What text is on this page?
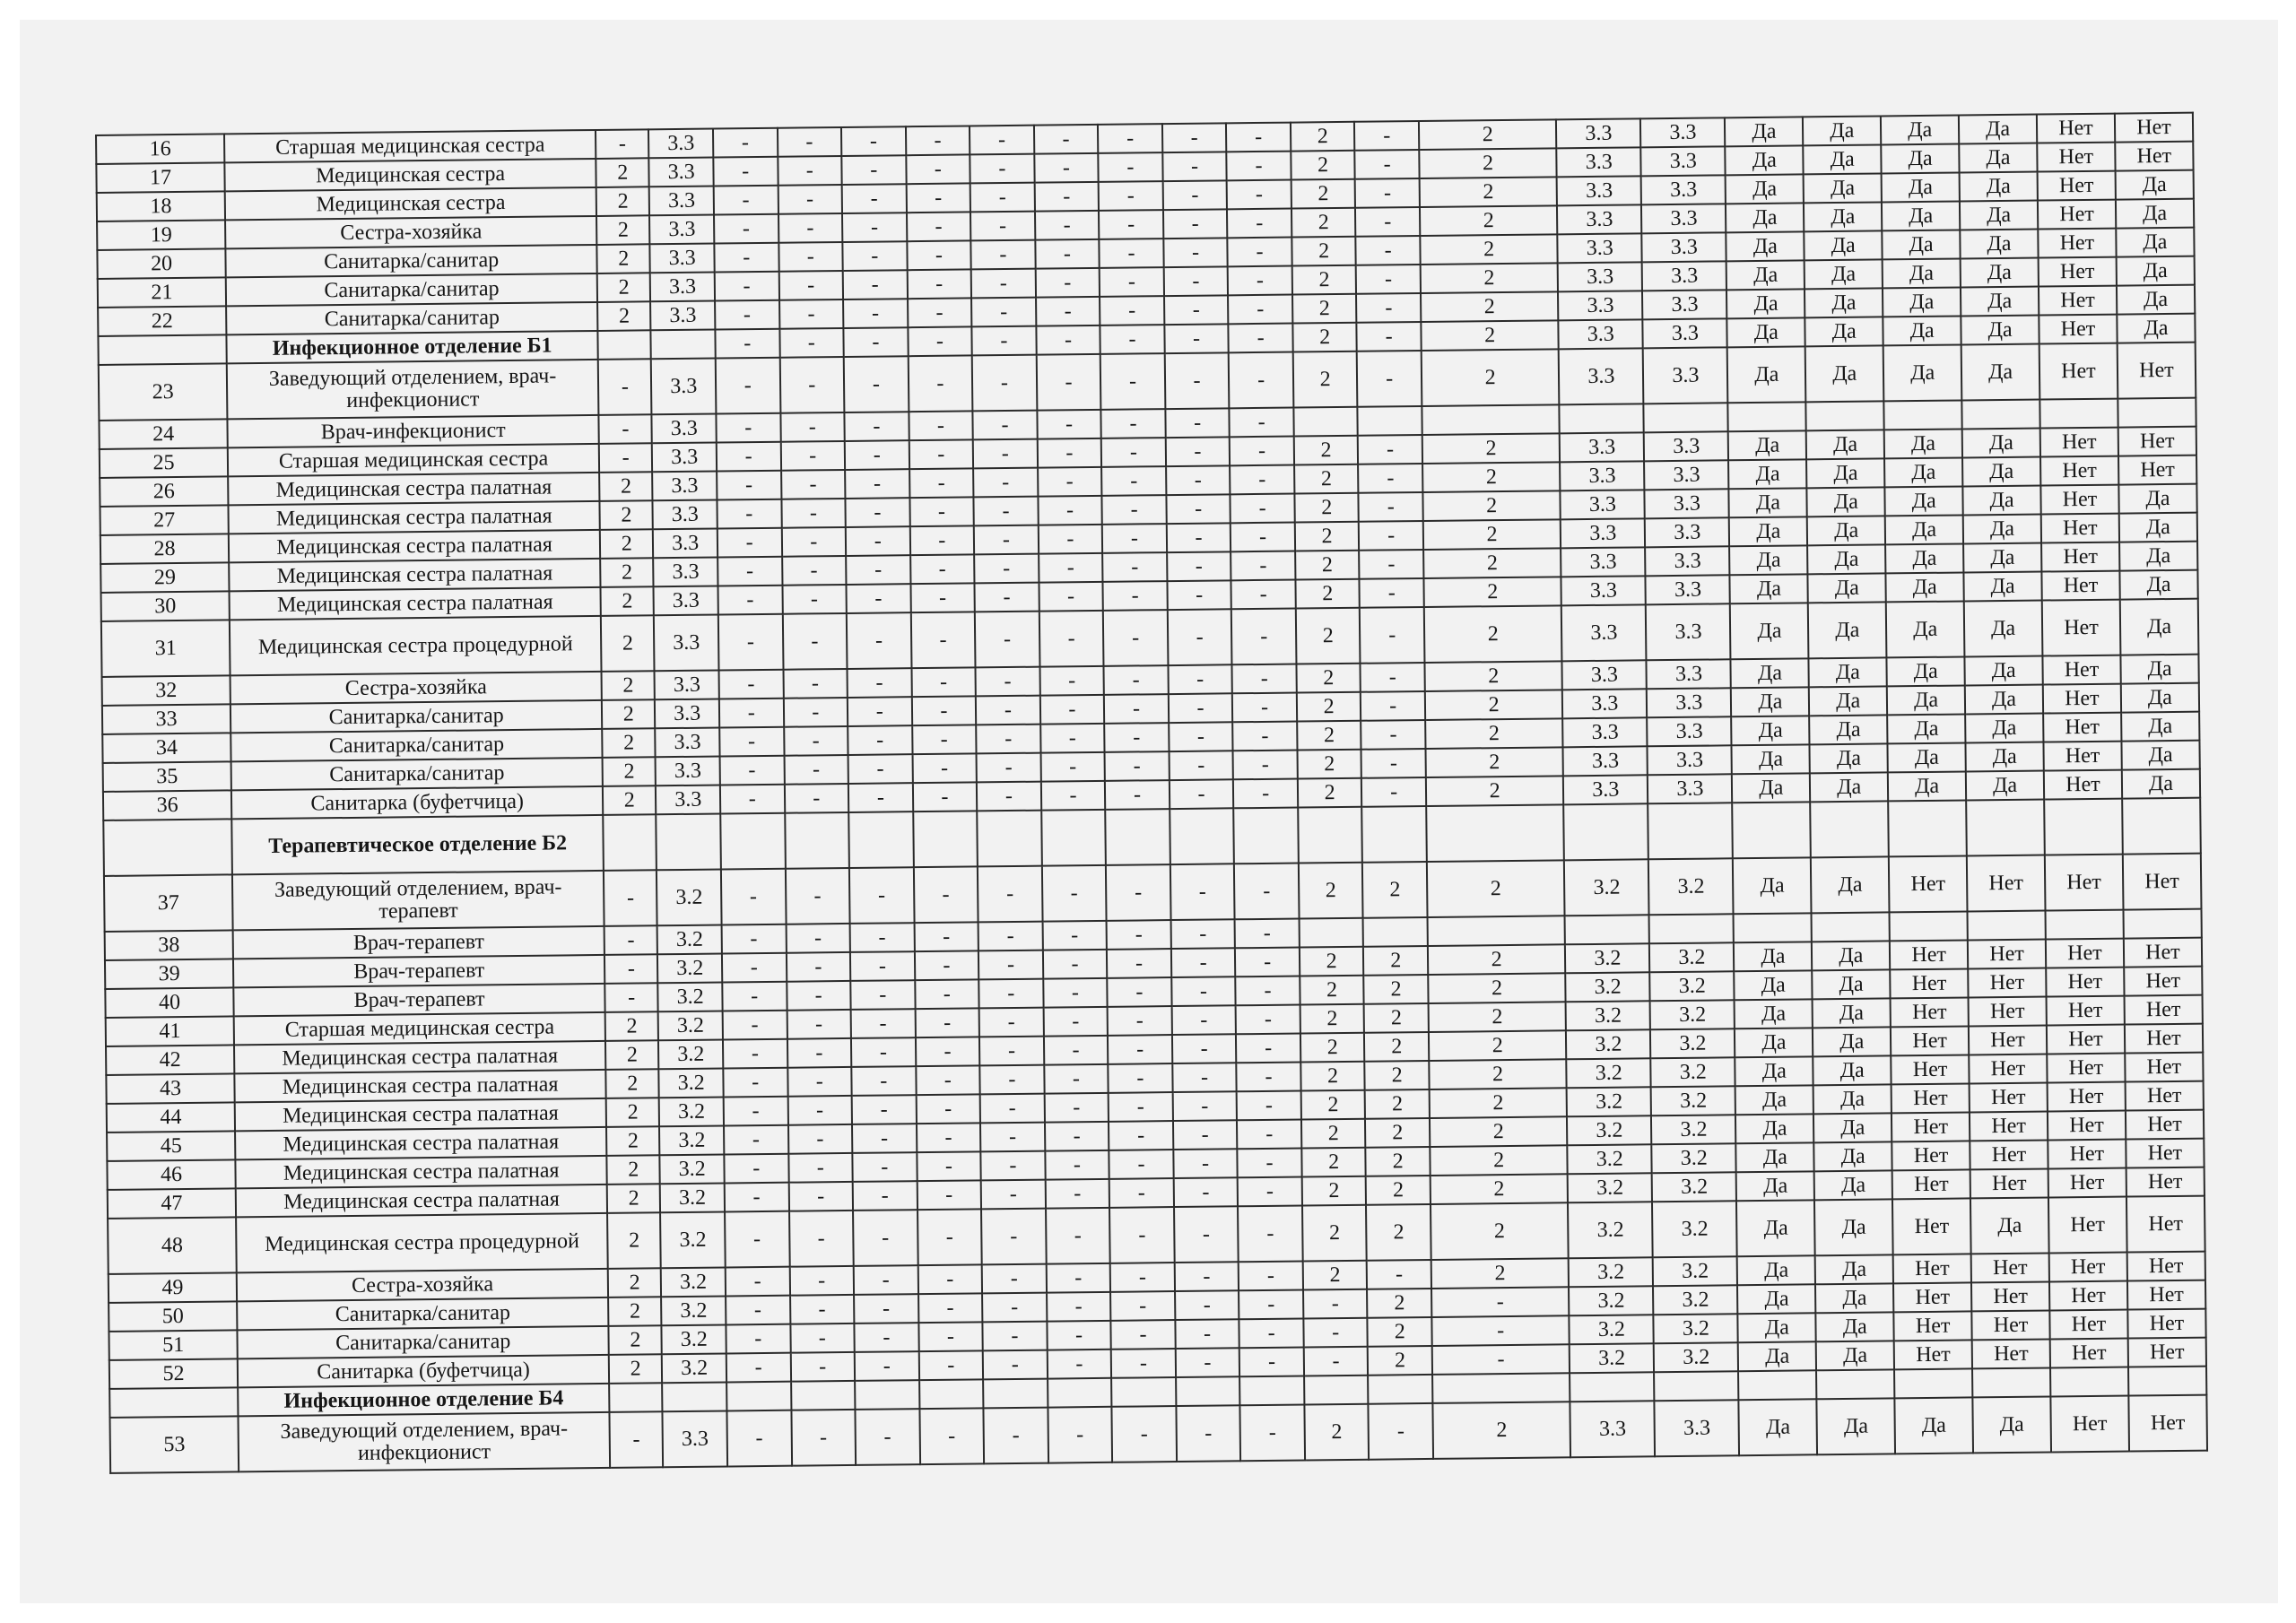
16	Старшая медицинская сестра	-	3.3	-	-	-	-	-	-	-	-	-	2	-	2	3.3	3.3	Да	Да	Да	Да	Нет	Нет
17	Медицинская сестра	2	3.3	-	-	-	-	-	-	-	-	-	2	-	2	3.3	3.3	Да	Да	Да	Да	Нет	Нет
18	Медицинская сестра	2	3.3	-	-	-	-	-	-	-	-	-	2	-	2	3.3	3.3	Да	Да	Да	Да	Нет	Да
19	Сестра-хозяйка	2	3.3	-	-	-	-	-	-	-	-	-	2	-	2	3.3	3.3	Да	Да	Да	Да	Нет	Да
20	Санитарка/санитар	2	3.3	-	-	-	-	-	-	-	-	-	2	-	2	3.3	3.3	Да	Да	Да	Да	Нет	Да
21	Санитарка/санитар	2	3.3	-	-	-	-	-	-	-	-	-	2	-	2	3.3	3.3	Да	Да	Да	Да	Нет	Да
22	Санитарка/санитар	2	3.3	-	-	-	-	-	-	-	-	-	2	-	2	3.3	3.3	Да	Да	Да	Да	Нет	Да
	Инфекционное отделение Б1			-	-	-	-	-	-	-	-	-	2	-	2	3.3	3.3	Да	Да	Да	Да	Нет	Да
23	Заведующий отделением, врач-инфекционист	-	3.3	-	-	-	-	-	-	-	-	-	2	-	2	3.3	3.3	Да	Да	Да	Да	Нет	Нет
24	Врач-инфекционист	-	3.3	-	-	-	-	-	-	-	-	-											
25	Старшая медицинская сестра	-	3.3	-	-	-	-	-	-	-	-	-	2	-	2	3.3	3.3	Да	Да	Да	Да	Нет	Нет
26	Медицинская сестра палатная	2	3.3	-	-	-	-	-	-	-	-	-	2	-	2	3.3	3.3	Да	Да	Да	Да	Нет	Нет
27	Медицинская сестра палатная	2	3.3	-	-	-	-	-	-	-	-	-	2	-	2	3.3	3.3	Да	Да	Да	Да	Нет	Да
28	Медицинская сестра палатная	2	3.3	-	-	-	-	-	-	-	-	-	2	-	2	3.3	3.3	Да	Да	Да	Да	Нет	Да
29	Медицинская сестра палатная	2	3.3	-	-	-	-	-	-	-	-	-	2	-	2	3.3	3.3	Да	Да	Да	Да	Нет	Да
30	Медицинская сестра палатная	2	3.3	-	-	-	-	-	-	-	-	-	2	-	2	3.3	3.3	Да	Да	Да	Да	Нет	Да
31	Медицинская сестра процедурной	2	3.3	-	-	-	-	-	-	-	-	-	2	-	2	3.3	3.3	Да	Да	Да	Да	Нет	Да
32	Сестра-хозяйка	2	3.3	-	-	-	-	-	-	-	-	-	2	-	2	3.3	3.3	Да	Да	Да	Да	Нет	Да
33	Санитарка/санитар	2	3.3	-	-	-	-	-	-	-	-	-	2	-	2	3.3	3.3	Да	Да	Да	Да	Нет	Да
34	Санитарка/санитар	2	3.3	-	-	-	-	-	-	-	-	-	2	-	2	3.3	3.3	Да	Да	Да	Да	Нет	Да
35	Санитарка/санитар	2	3.3	-	-	-	-	-	-	-	-	-	2	-	2	3.3	3.3	Да	Да	Да	Да	Нет	Да
36	Санитарка (буфетчица)	2	3.3	-	-	-	-	-	-	-	-	-	2	-	2	3.3	3.3	Да	Да	Да	Да	Нет	Да
	Терапевтическое отделение Б2																						
37	Заведующий отделением, врач-терапевт	-	3.2	-	-	-	-	-	-	-	-	-	2	2	2	3.2	3.2	Да	Да	Нет	Нет	Нет	Нет
38	Врач-терапевт	-	3.2	-	-	-	-	-	-	-	-	-											
39	Врач-терапевт	-	3.2	-	-	-	-	-	-	-	-	-	2	2	2	3.2	3.2	Да	Да	Нет	Нет	Нет	Нет
40	Врач-терапевт	-	3.2	-	-	-	-	-	-	-	-	-	2	2	2	3.2	3.2	Да	Да	Нет	Нет	Нет	Нет
41	Старшая медицинская сестра	2	3.2	-	-	-	-	-	-	-	-	-	2	2	2	3.2	3.2	Да	Да	Нет	Нет	Нет	Нет
42	Медицинская сестра палатная	2	3.2	-	-	-	-	-	-	-	-	-	2	2	2	3.2	3.2	Да	Да	Нет	Нет	Нет	Нет
43	Медицинская сестра палатная	2	3.2	-	-	-	-	-	-	-	-	-	2	2	2	3.2	3.2	Да	Да	Нет	Нет	Нет	Нет
44	Медицинская сестра палатная	2	3.2	-	-	-	-	-	-	-	-	-	2	2	2	3.2	3.2	Да	Да	Нет	Нет	Нет	Нет
45	Медицинская сестра палатная	2	3.2	-	-	-	-	-	-	-	-	-	2	2	2	3.2	3.2	Да	Да	Нет	Нет	Нет	Нет
46	Медицинская сестра палатная	2	3.2	-	-	-	-	-	-	-	-	-	2	2	2	3.2	3.2	Да	Да	Нет	Нет	Нет	Нет
47	Медицинская сестра палатная	2	3.2	-	-	-	-	-	-	-	-	-	2	2	2	3.2	3.2	Да	Да	Нет	Нет	Нет	Нет
48	Медицинская сестра процедурной	2	3.2	-	-	-	-	-	-	-	-	-	2	2	2	3.2	3.2	Да	Да	Нет	Да	Нет	Нет
49	Сестра-хозяйка	2	3.2	-	-	-	-	-	-	-	-	-	2	-	2	3.2	3.2	Да	Да	Нет	Нет	Нет	Нет
50	Санитарка/санитар	2	3.2	-	-	-	-	-	-	-	-	-	-	2	-	3.2	3.2	Да	Да	Нет	Нет	Нет	Нет
51	Санитарка/санитар	2	3.2	-	-	-	-	-	-	-	-	-	-	2	-	3.2	3.2	Да	Да	Нет	Нет	Нет	Нет
52	Санитарка (буфетчица)	2	3.2	-	-	-	-	-	-	-	-	-	-	2	-	3.2	3.2	Да	Да	Нет	Нет	Нет	Нет
	Инфекционное отделение Б4																						
53	Заведующий отделением, врач-инфекционист	-	3.3	-	-	-	-	-	-	-	-	-	2	-	2	3.3	3.3	Да	Да	Да	Да	Нет	Нет
